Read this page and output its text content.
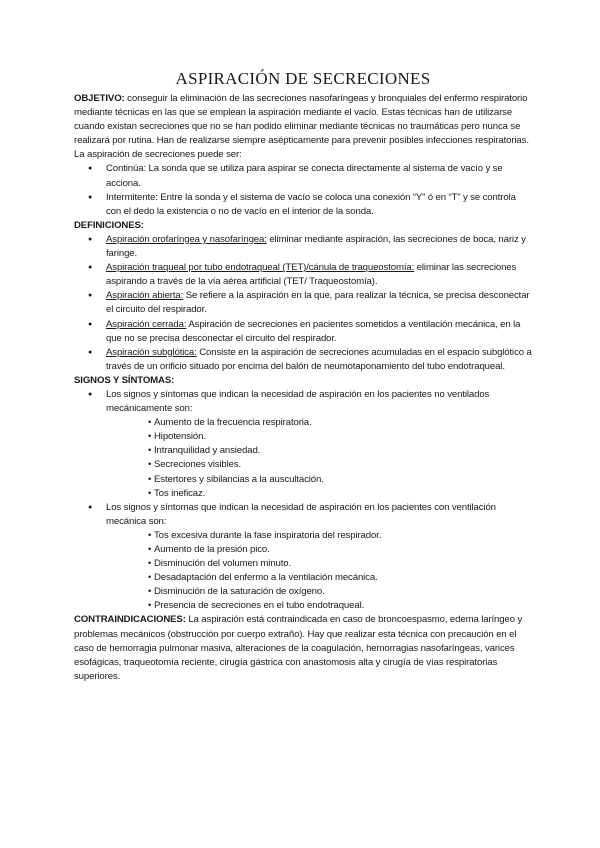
ASPIRACIÓN DE SECRECIONES

OBJETIVO: conseguir la eliminación de las secreciones nasofaríngeas y bronquiales del enfermo respiratorio mediante técnicas en las que se emplean la aspiración mediante el vacío. Estas técnicas han de utilizarse cuando existan secreciones que no se han podido eliminar mediante técnicas no traumáticas pero nunca se realizará por rutina. Han de realizarse siempre asépticamente para prevenir posibles infecciones respiratorias.

La aspiración de secreciones puede ser:

● Continúa: La sonda que se utiliza para aspirar se conecta directamente al sistema de vacío y se acciona.
● Intermitente: Entre la sonda y el sistema de vacío se coloca una conexión “Y” ó en “T” y se controla con el dedo la existencia o no de vacío en el interior de la sonda.

DEFINICIONES:

● Aspiración orofaríngea y nasofaríngea: eliminar mediante aspiración, las secreciones de boca, nariz y faringe.
● Aspiración traqueal por tubo endotraqueal (TET)/cánula de traqueostomía: eliminar las secreciones aspirando a través de la vía aérea artificial (TET/ Traqueostomía).
● Aspiración abierta: Se refiere a la aspiración en la que, para realizar la técnica, se precisa desconectar el circuito del respirador.
● Aspiración cerrada: Aspiración de secreciones en pacientes sometidos a ventilación mecánica, en la que no se precisa desconectar el circuito del respirador.
● Aspiración subglótica: Consiste en la aspiración de secreciones acumuladas en el espacio subglótico a través de un orificio situado por encima del balón de neumotaponamiento del tubo endotraqueal.

SIGNOS Y SÍNTOMAS:

● Los signos y síntomas que indican la necesidad de aspiración en los pacientes no ventilados mecánicamente son:
• Aumento de la frecuencia respiratoria.
• Hipotensión.
• Intranquilidad y ansiedad.
• Secreciones visibles.
• Estertores y sibilancias a la auscultación.
• Tos ineficaz.
● Los signos y síntomas que indican la necesidad de aspiración en los pacientes con ventilación mecánica son:
• Tos excesiva durante la fase inspiratoria del respirador.
• Aumento de la presión pico.
• Disminución del volumen minuto.
• Desadaptación del enfermo a la ventilación mecánica.
• Disminución de la saturación de oxígeno.
• Presencia de secreciones en el tubo endotraqueal.

CONTRAINDICACIONES: La aspiración está contraindicada en caso de broncoespasmo, edema laríngeo y problemas mecánicos (obstrucción por cuerpo extraño). Hay que realizar esta técnica con precaución en el caso de hemorragia pulmonar masiva, alteraciones de la coagulación, hemorragias nasofaríngeas, varices esofágicas, traqueotomía reciente, cirugía gástrica con anastomosis alta y cirugía de vías respiratorias superiores.
